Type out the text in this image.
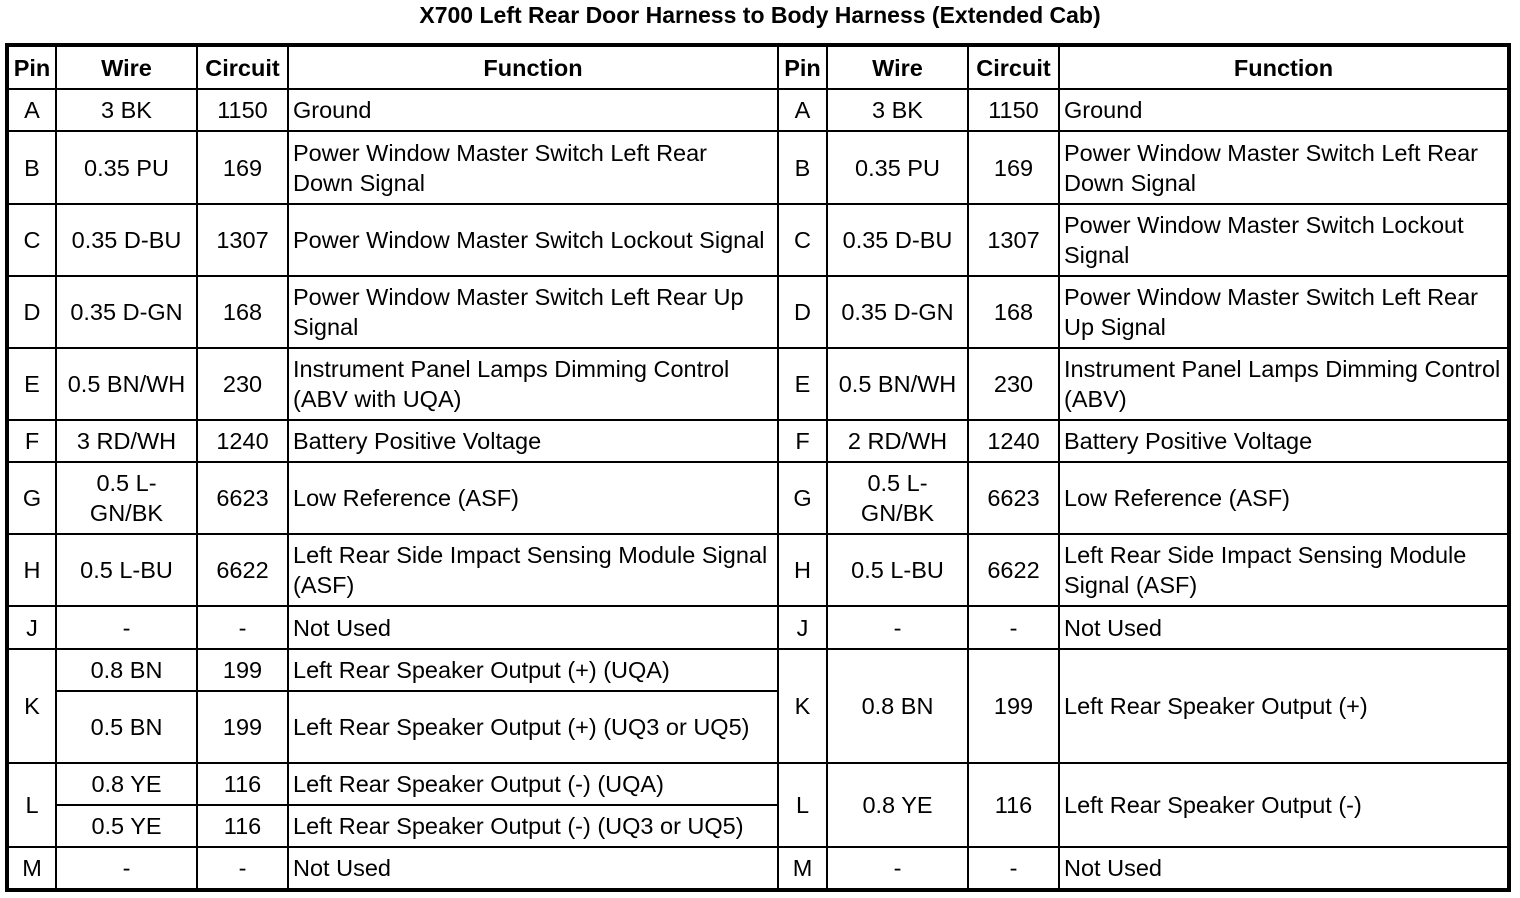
X700 Left Rear Door Harness to Body Harness (Extended Cab)
Pin	Wire	Circuit	Function	Pin	Wire	Circuit	Function
A	3 BK	1150	Ground	A	3 BK	1150	Ground
B	0.35 PU	169	Power Window Master Switch Left Rear Down Signal	B	0.35 PU	169	Power Window Master Switch Left Rear Down Signal
C	0.35 D-BU	1307	Power Window Master Switch Lockout Signal	C	0.35 D-BU	1307	Power Window Master Switch Lockout Signal
D	0.35 D-GN	168	Power Window Master Switch Left Rear Up Signal	D	0.35 D-GN	168	Power Window Master Switch Left Rear Up Signal
E	0.5 BN/WH	230	Instrument Panel Lamps Dimming Control (ABV with UQA)	E	0.5 BN/WH	230	Instrument Panel Lamps Dimming Control (ABV)
F	3 RD/WH	1240	Battery Positive Voltage	F	2 RD/WH	1240	Battery Positive Voltage
G	0.5 L-GN/BK	6623	Low Reference (ASF)	G	0.5 L-GN/BK	6623	Low Reference (ASF)
H	0.5 L-BU	6622	Left Rear Side Impact Sensing Module Signal (ASF)	H	0.5 L-BU	6622	Left Rear Side Impact Sensing Module Signal (ASF)
J	-	-	Not Used	J	-	-	Not Used
K	0.8 BN	199	Left Rear Speaker Output (+) (UQA)	K	0.8 BN	199	Left Rear Speaker Output (+)
	0.5 BN	199	Left Rear Speaker Output (+) (UQ3 or UQ5)				
L	0.8 YE	116	Left Rear Speaker Output (-) (UQA)	L	0.8 YE	116	Left Rear Speaker Output (-)
	0.5 YE	116	Left Rear Speaker Output (-) (UQ3 or UQ5)				
M	-	-	Not Used	M	-	-	Not Used
